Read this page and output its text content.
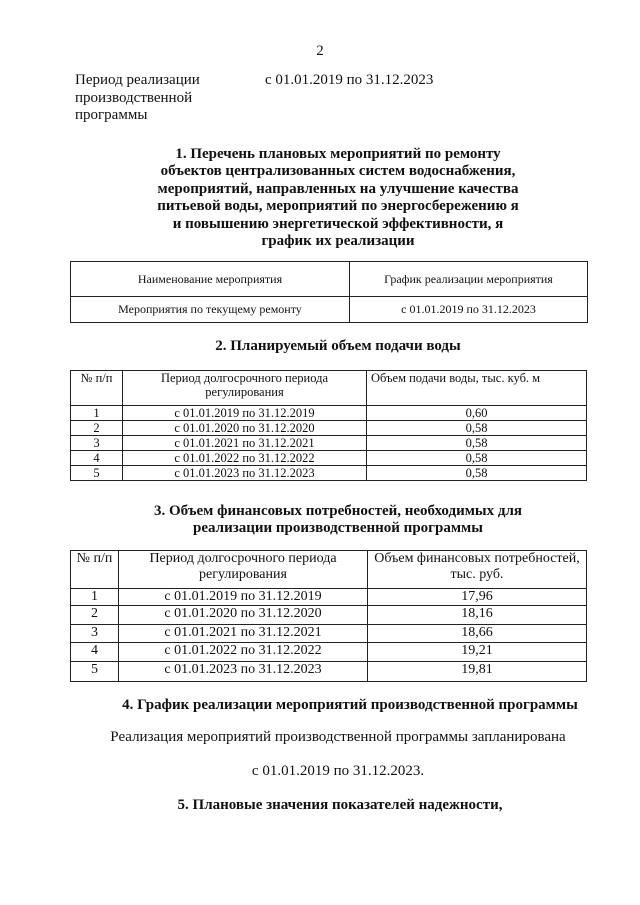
2
Период реализации
производственной
программы
с 01.01.2019 по 31.12.2023
1. Перечень плановых мероприятий по ремонту
объектов централизованных систем водоснабжения,
мероприятий, направленных на улучшение качества
питьевой воды, мероприятий по энергосбережению я
и повышению энергетической эффективности, я
график их реализации
Наименование мероприятия	График реализации мероприятия
Мероприятия по текущему ремонту	с 01.01.2019 по 31.12.2023
2. Планируемый объем подачи воды
№ п/п	Период долгосрочного периода регулирования	Объем подачи воды, тыс. куб. м
1	с 01.01.2019 по 31.12.2019	0,60
2	с 01.01.2020 по 31.12.2020	0,58
3	с 01.01.2021 по 31.12.2021	0,58
4	с 01.01.2022 по 31.12.2022	0,58
5	с 01.01.2023 по 31.12.2023	0,58
3. Объем финансовых потребностей, необходимых для
реализации производственной программы
№ п/п	Период долгосрочного периода регулирования	Объем финансовых потребностей, тыс. руб.
1	с 01.01.2019 по 31.12.2019	17,96
2	с 01.01.2020 по 31.12.2020	18,16
3	с 01.01.2021 по 31.12.2021	18,66
4	с 01.01.2022 по 31.12.2022	19,21
5	с 01.01.2023 по 31.12.2023	19,81
4. График реализации мероприятий производственной программы
Реализация мероприятий производственной программы запланирована
с 01.01.2019 по 31.12.2023.
5. Плановые значения показателей надежности,
